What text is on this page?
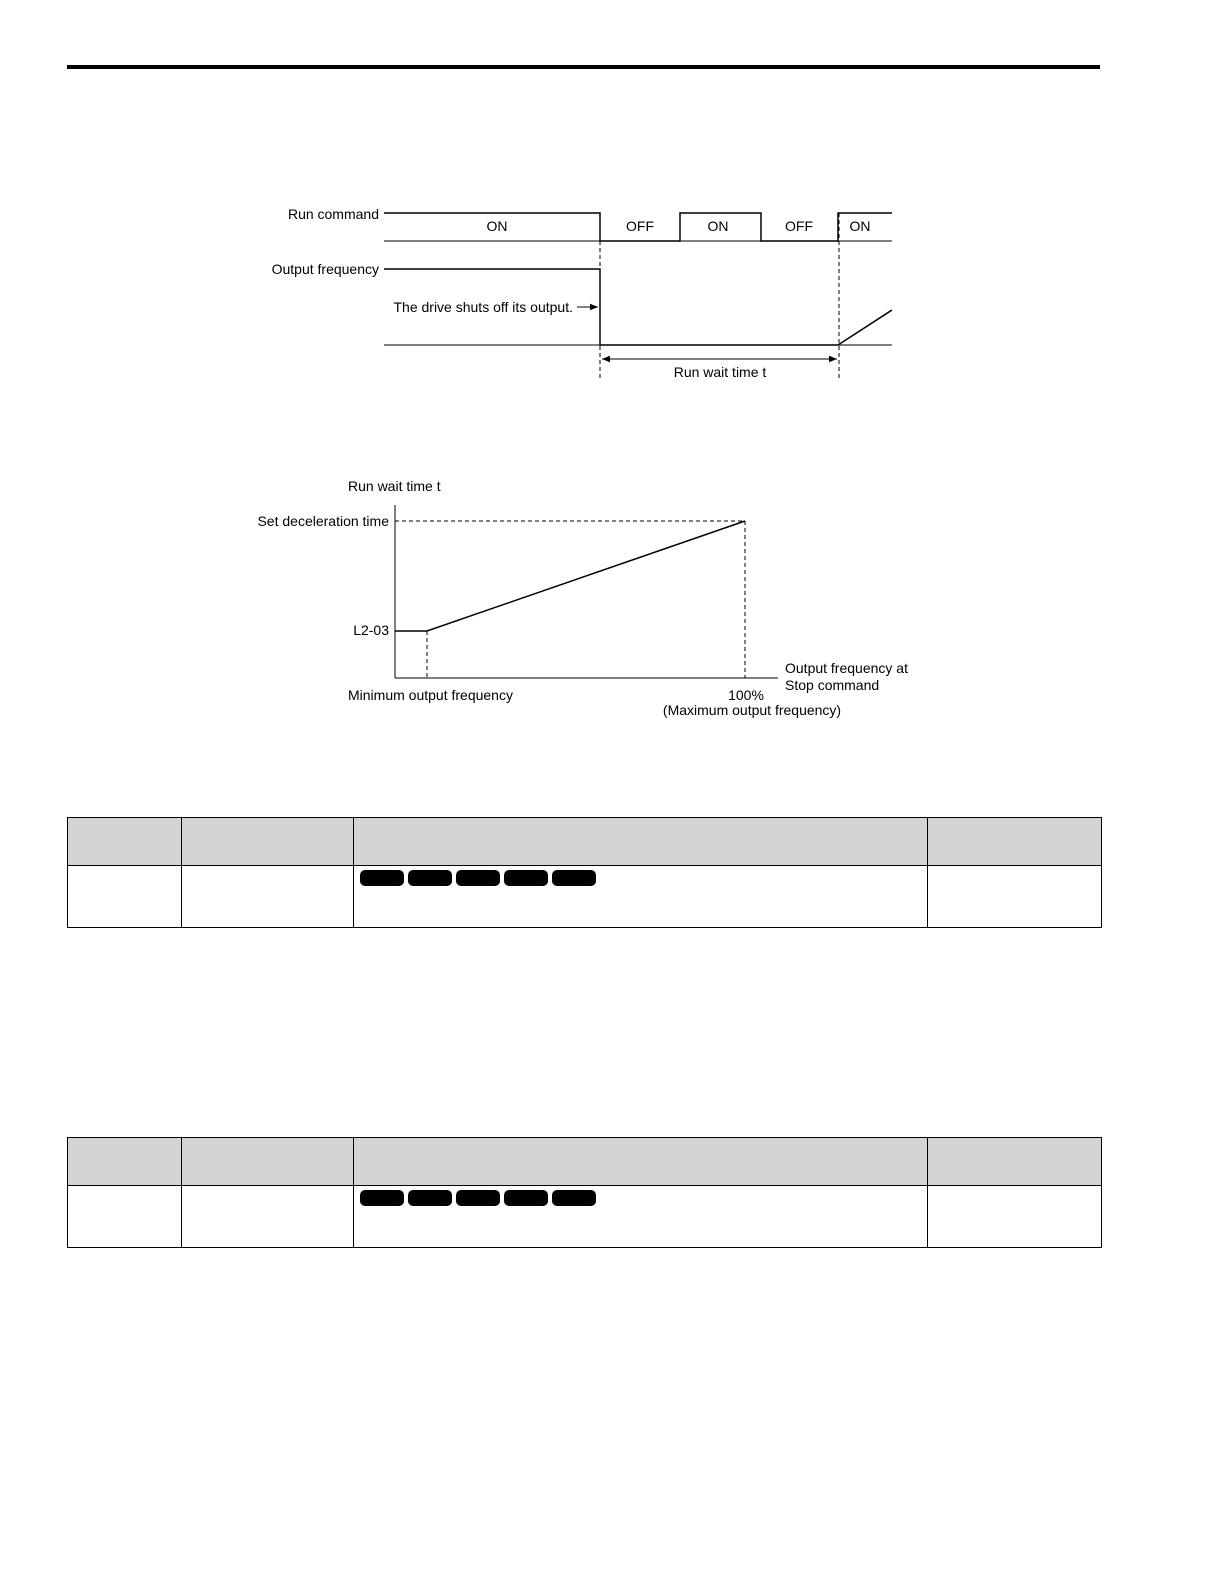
Run command
Output frequency
ON	OFF	ON	OFF	ON
The drive shuts off its output.
Run wait time t
Run wait time t
Set deceleration time
L2-03
Minimum output frequency	100%
(Maximum output frequency)
Output frequency at
Stop command
